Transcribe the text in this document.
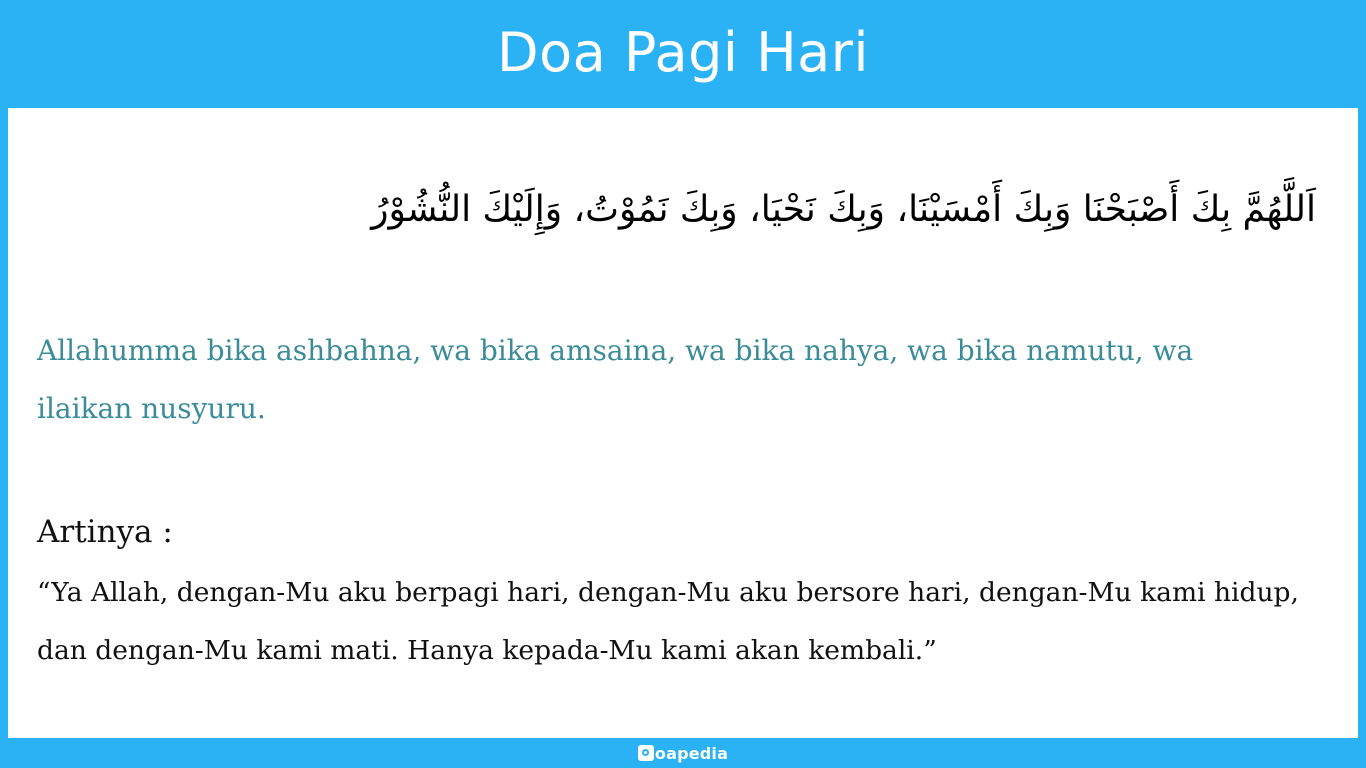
Doa Pagi Hari
اَللَّهُمَّ بِكَ أَصْبَحْنَا وَبِكَ أَمْسَيْنَا، وَبِكَ نَحْيَا، وَبِكَ نَمُوْتُ، وَإِلَيْكَ النُّشُوْرُ
Allahumma bika ashbahna, wa bika amsaina, wa bika nahya, wa bika namutu, wa ilaikan nusyuru.
Artinya :
“Ya Allah, dengan-Mu aku berpagi hari, dengan-Mu aku bersore hari, dengan-Mu kami hidup, dan dengan-Mu kami mati. Hanya kepada-Mu kami akan kembali.”
oapedia
